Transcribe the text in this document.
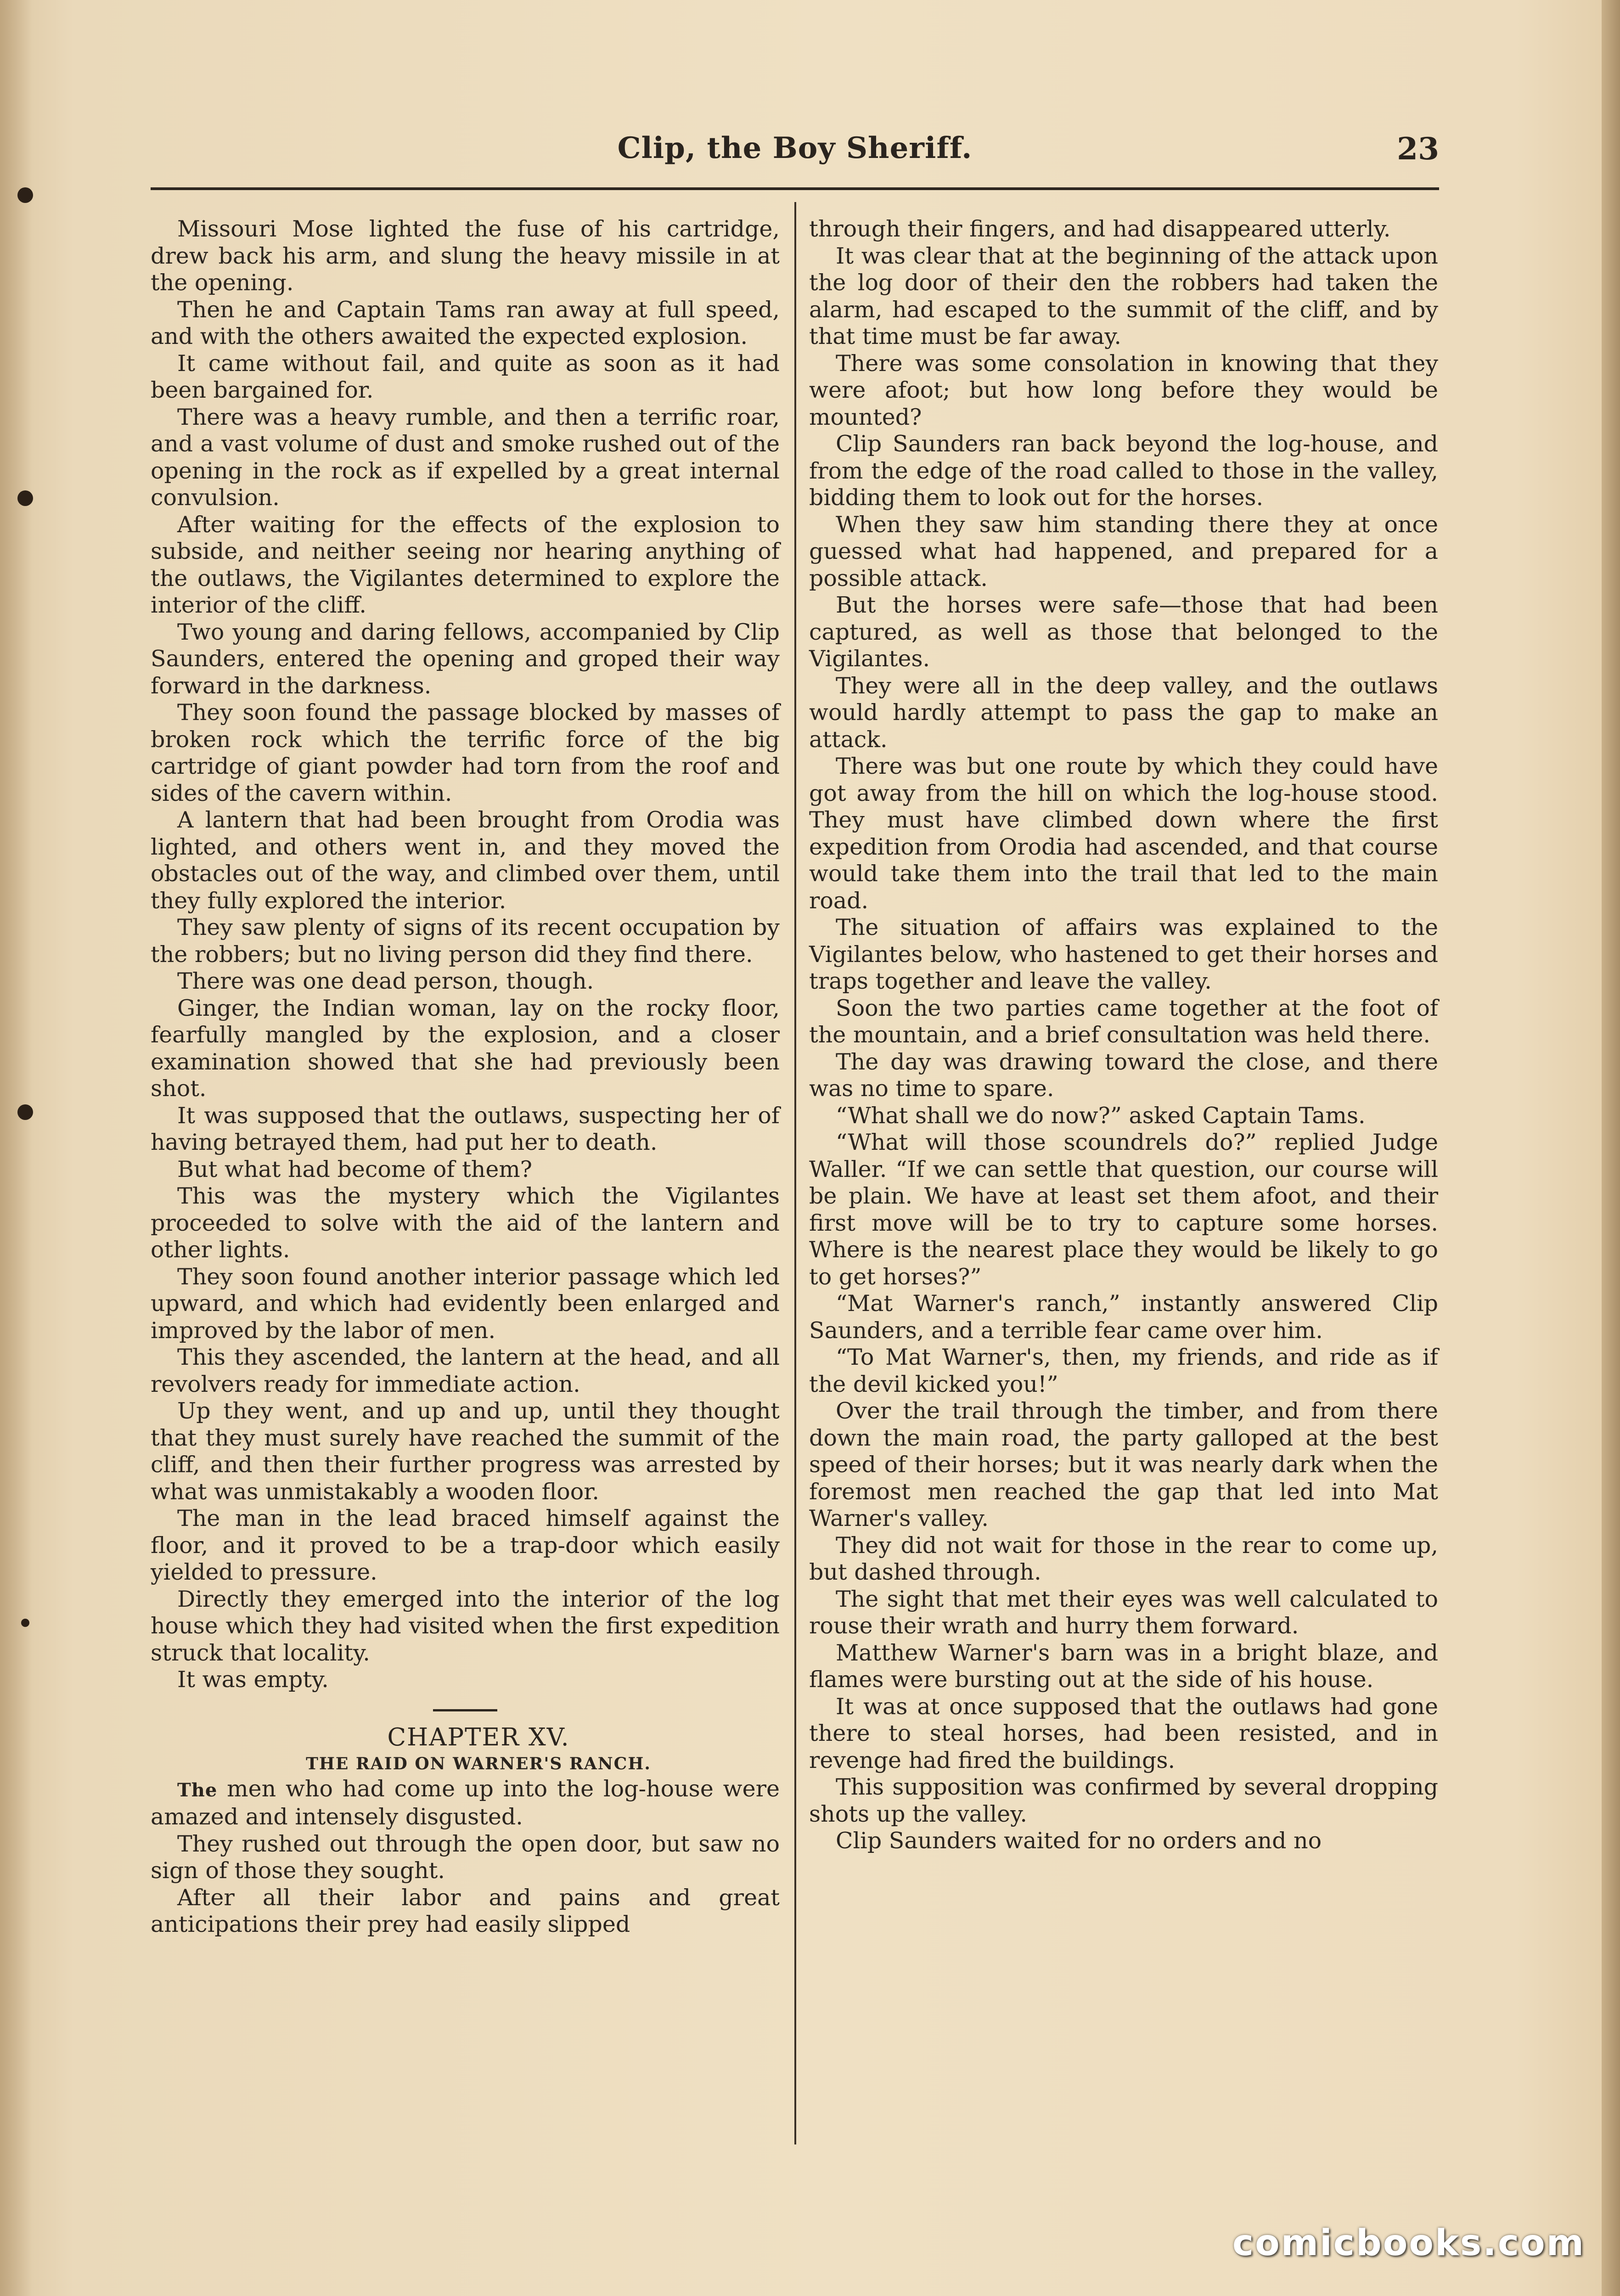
Clip, the Boy Sheriff.	23

Missouri Mose lighted the fuse of his cartridge, drew back his arm, and slung the heavy missile in at the opening.

Then he and Captain Tams ran away at full speed, and with the others awaited the expected explosion.

It came without fail, and quite as soon as it had been bargained for.

There was a heavy rumble, and then a terrific roar, and a vast volume of dust and smoke rushed out of the opening in the rock as if expelled by a great internal convulsion.

After waiting for the effects of the explosion to subside, and neither seeing nor hearing anything of the outlaws, the Vigilantes determined to explore the interior of the cliff.

Two young and daring fellows, accompanied by Clip Saunders, entered the opening and groped their way forward in the darkness.

They soon found the passage blocked by masses of broken rock which the terrific force of the big cartridge of giant powder had torn from the roof and sides of the cavern within.

A lantern that had been brought from Orodia was lighted, and others went in, and they moved the obstacles out of the way, and climbed over them, until they fully explored the interior.

They saw plenty of signs of its recent occupation by the robbers; but no living person did they find there.

There was one dead person, though.

Ginger, the Indian woman, lay on the rocky floor, fearfully mangled by the explosion, and a closer examination showed that she had previously been shot.

It was supposed that the outlaws, suspecting her of having betrayed them, had put her to death.

But what had become of them?

This was the mystery which the Vigilantes proceeded to solve with the aid of the lantern and other lights.

They soon found another interior passage which led upward, and which had evidently been enlarged and improved by the labor of men.

This they ascended, the lantern at the head, and all revolvers ready for immediate action.

Up they went, and up and up, until they thought that they must surely have reached the summit of the cliff, and then their further progress was arrested by what was unmistakably a wooden floor.

The man in the lead braced himself against the floor, and it proved to be a trap-door which easily yielded to pressure.

Directly they emerged into the interior of the log house which they had visited when the first expedition struck that locality.

It was empty.

CHAPTER XV.

THE RAID ON WARNER'S RANCH.

The men who had come up into the log-house were amazed and intensely disgusted.

They rushed out through the open door, but saw no sign of those they sought.

After all their labor and pains and great anticipations their prey had easily slipped

through their fingers, and had disappeared utterly.

It was clear that at the beginning of the attack upon the log door of their den the robbers had taken the alarm, had escaped to the summit of the cliff, and by that time must be far away.

There was some consolation in knowing that they were afoot; but how long before they would be mounted?

Clip Saunders ran back beyond the log-house, and from the edge of the road called to those in the valley, bidding them to look out for the horses.

When they saw him standing there they at once guessed what had happened, and prepared for a possible attack.

But the horses were safe—those that had been captured, as well as those that belonged to the Vigilantes.

They were all in the deep valley, and the outlaws would hardly attempt to pass the gap to make an attack.

There was but one route by which they could have got away from the hill on which the log-house stood. They must have climbed down where the first expedition from Orodia had ascended, and that course would take them into the trail that led to the main road.

The situation of affairs was explained to the Vigilantes below, who hastened to get their horses and traps together and leave the valley.

Soon the two parties came together at the foot of the mountain, and a brief consultation was held there.

The day was drawing toward the close, and there was no time to spare.

“What shall we do now?” asked Captain Tams.

“What will those scoundrels do?” replied Judge Waller. “If we can settle that question, our course will be plain. We have at least set them afoot, and their first move will be to try to capture some horses. Where is the nearest place they would be likely to go to get horses?”

“Mat Warner's ranch,” instantly answered Clip Saunders, and a terrible fear came over him.

“To Mat Warner's, then, my friends, and ride as if the devil kicked you!”

Over the trail through the timber, and from there down the main road, the party galloped at the best speed of their horses; but it was nearly dark when the foremost men reached the gap that led into Mat Warner's valley.

They did not wait for those in the rear to come up, but dashed through.

The sight that met their eyes was well calculated to rouse their wrath and hurry them forward.

Matthew Warner's barn was in a bright blaze, and flames were bursting out at the side of his house.

It was at once supposed that the outlaws had gone there to steal horses, had been resisted, and in revenge had fired the buildings.

This supposition was confirmed by several dropping shots up the valley.

Clip Saunders waited for no orders and no

comicbooks.com
